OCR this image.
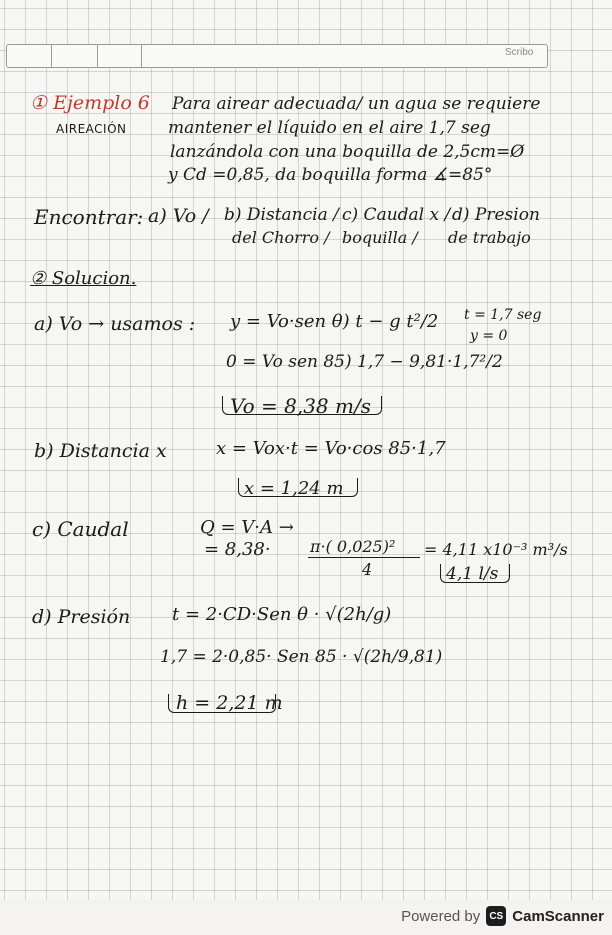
Scribo
① Ejemplo 6
AIREACIÓN
Para airear adecuada/ un agua se requiere
mantener el líquido en el aire 1,7 seg
lanzándola con una boquilla de 2,5cm=Ø
y Cd =0,85, da boquilla forma ∡=85°
Encontrar: a) Vo / b) Distancia /
del Chorro /
c) Caudal x /
boquilla /
d) Presion
de trabajo
② Solucion.
a) Vo → usamos : y = Vo·sen θ) t − g t²/2 t = 1,7 seg
y = 0
0 = Vo sen 85) 1,7 − 9,81·1,7²/2
Vo = 8,38 m/s
b) Distancia x	x = Vox·t = Vo·cos 85·1,7
x = 1,24 m
c) Caudal	Q = V·A →
= 8,38· π·( 0,025)²
4
= 4,11 x10⁻³ m³/s
4,1 l/s
d) Presión t = 2·CD·Sen θ · √(2h/g)
1,7 = 2·0,85· Sen 85 · √(2h/9,81)
h = 2,21 m
Powered by CS CamScanner
